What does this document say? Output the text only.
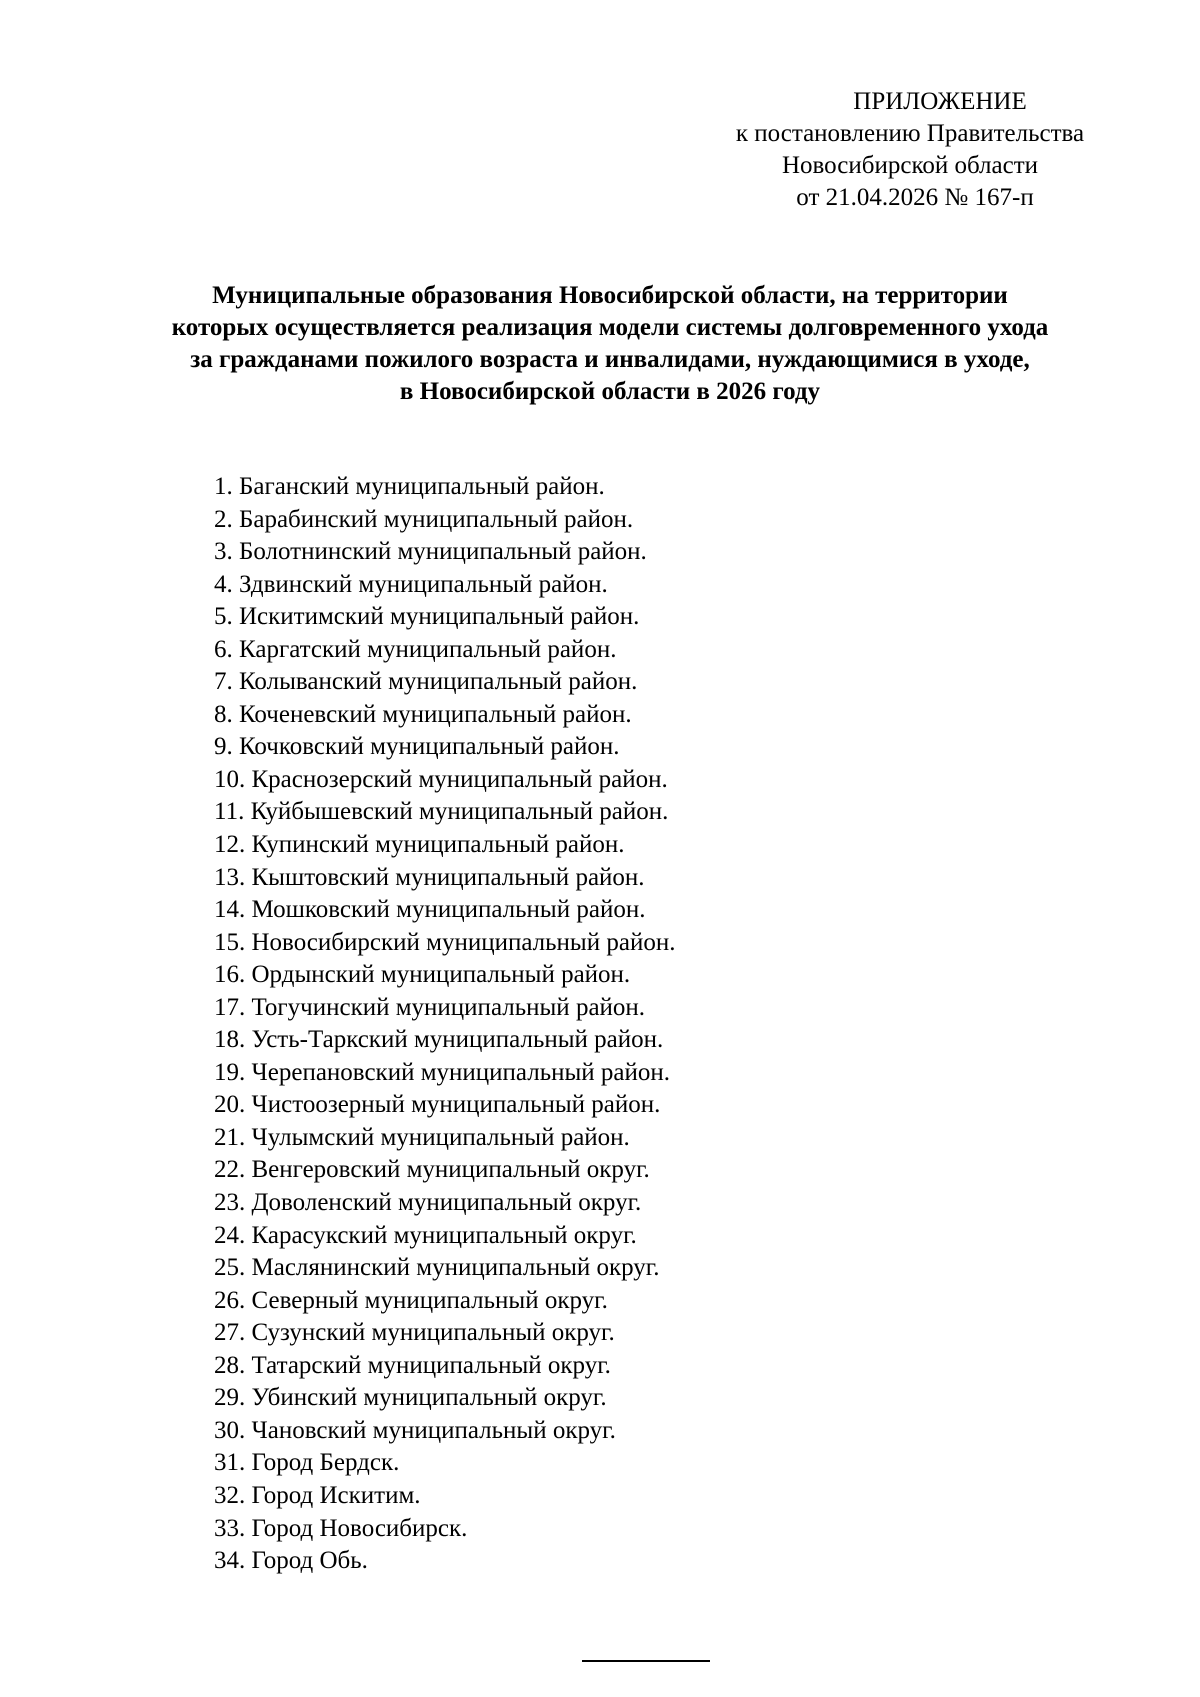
ПРИЛОЖЕНИЕ
к постановлению Правительства
Новосибирской области
от 21.04.2026 № 167-п
Муниципальные образования Новосибирской области, на территории
которых осуществляется реализация модели системы долговременного ухода
за гражданами пожилого возраста и инвалидами, нуждающимися в уходе,
в Новосибирской области в 2026 году
1. Баганский муниципальный район.
2. Барабинский муниципальный район.
3. Болотнинский муниципальный район.
4. Здвинский муниципальный район.
5. Искитимский муниципальный район.
6. Каргатский муниципальный район.
7. Колыванский муниципальный район.
8. Коченевский муниципальный район.
9. Кочковский муниципальный район.
10. Краснозерский муниципальный район.
11. Куйбышевский муниципальный район.
12. Купинский муниципальный район.
13. Кыштовский муниципальный район.
14. Мошковский муниципальный район.
15. Новосибирский муниципальный район.
16. Ордынский муниципальный район.
17. Тогучинский муниципальный район.
18. Усть-Таркский муниципальный район.
19. Черепановский муниципальный район.
20. Чистоозерный муниципальный район.
21. Чулымский муниципальный район.
22. Венгеровский муниципальный округ.
23. Доволенский муниципальный округ.
24. Карасукский муниципальный округ.
25. Маслянинский муниципальный округ.
26. Северный муниципальный округ.
27. Сузунский муниципальный округ.
28. Татарский муниципальный округ.
29. Убинский муниципальный округ.
30. Чановский муниципальный округ.
31. Город Бердск.
32. Город Искитим.
33. Город Новосибирск.
34. Город Обь.
